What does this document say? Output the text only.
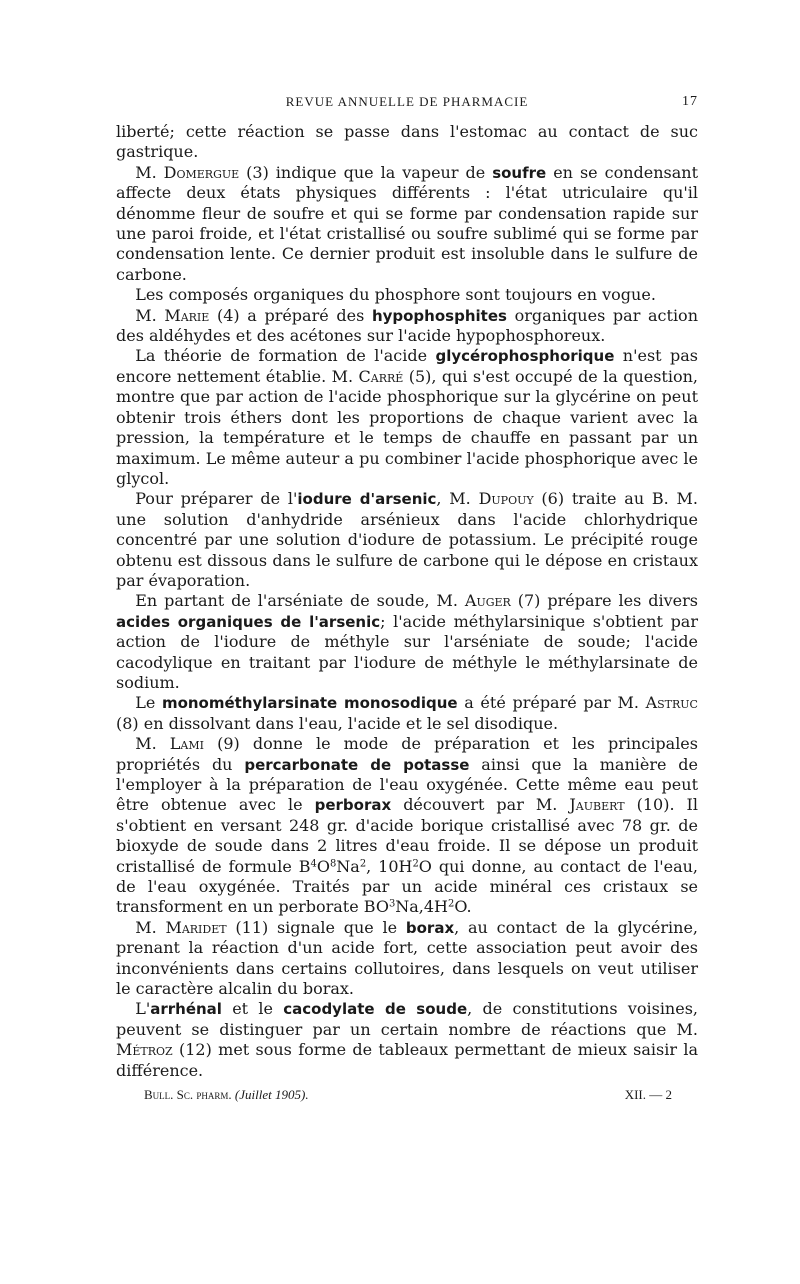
REVUE ANNUELLE DE PHARMACIE	17

liberté; cette réaction se passe dans l'estomac au contact de suc gastrique.

M. Domergue (3) indique que la vapeur de soufre en se condensant affecte deux états physiques différents : l'état utriculaire qu'il dénomme fleur de soufre et qui se forme par condensation rapide sur une paroi froide, et l'état cristallisé ou soufre sublimé qui se forme par condensation lente. Ce dernier produit est insoluble dans le sulfure de carbone.

Les composés organiques du phosphore sont toujours en vogue.

M. Marie (4) a préparé des hypophosphites organiques par action des aldéhydes et des acétones sur l'acide hypophosphoreux.

La théorie de formation de l'acide glycérophosphorique n'est pas encore nettement établie. M. Carré (5), qui s'est occupé de la question, montre que par action de l'acide phosphorique sur la glycérine on peut obtenir trois éthers dont les proportions de chaque varient avec la pression, la température et le temps de chauffe en passant par un maximum. Le même auteur a pu combiner l'acide phosphorique avec le glycol.

Pour préparer de l'iodure d'arsenic, M. Dupouy (6) traite au B. M. une solution d'anhydride arsénieux dans l'acide chlorhydrique concentré par une solution d'iodure de potassium. Le précipité rouge obtenu est dissous dans le sulfure de carbone qui le dépose en cristaux par évaporation.

En partant de l'arséniate de soude, M. Auger (7) prépare les divers acides organiques de l'arsenic; l'acide méthylarsinique s'obtient par action de l'iodure de méthyle sur l'arséniate de soude; l'acide cacodylique en traitant par l'iodure de méthyle le méthylarsinate de sodium.

Le monométhylarsinate monosodique a été préparé par M. Astruc (8) en dissolvant dans l'eau, l'acide et le sel disodique.

M. Lami (9) donne le mode de préparation et les principales propriétés du percarbonate de potasse ainsi que la manière de l'employer à la préparation de l'eau oxygénée. Cette même eau peut être obtenue avec le perborax découvert par M. Jaubert (10). Il s'obtient en versant 248 gr. d'acide borique cristallisé avec 78 gr. de bioxyde de soude dans 2 litres d'eau froide. Il se dépose un produit cristallisé de formule $B^4O^8Na^2$, $10H^2O$ qui donne, au contact de l'eau, de l'eau oxygénée. Traités par un acide minéral ces cristaux se transforment en un perborate $BO^3Na,4H^2O$.

M. Maridet (11) signale que le borax, au contact de la glycérine, prenant la réaction d'un acide fort, cette association peut avoir des inconvénients dans certains collutoires, dans lesquels on veut utiliser le caractère alcalin du borax.

L'arrhénal et le cacodylate de soude, de constitutions voisines, peuvent se distinguer par un certain nombre de réactions que M. Métroz (12) met sous forme de tableaux permettant de mieux saisir la différence.

Bull. Sc. pharm. (Juillet 1905).	XII. — 2
